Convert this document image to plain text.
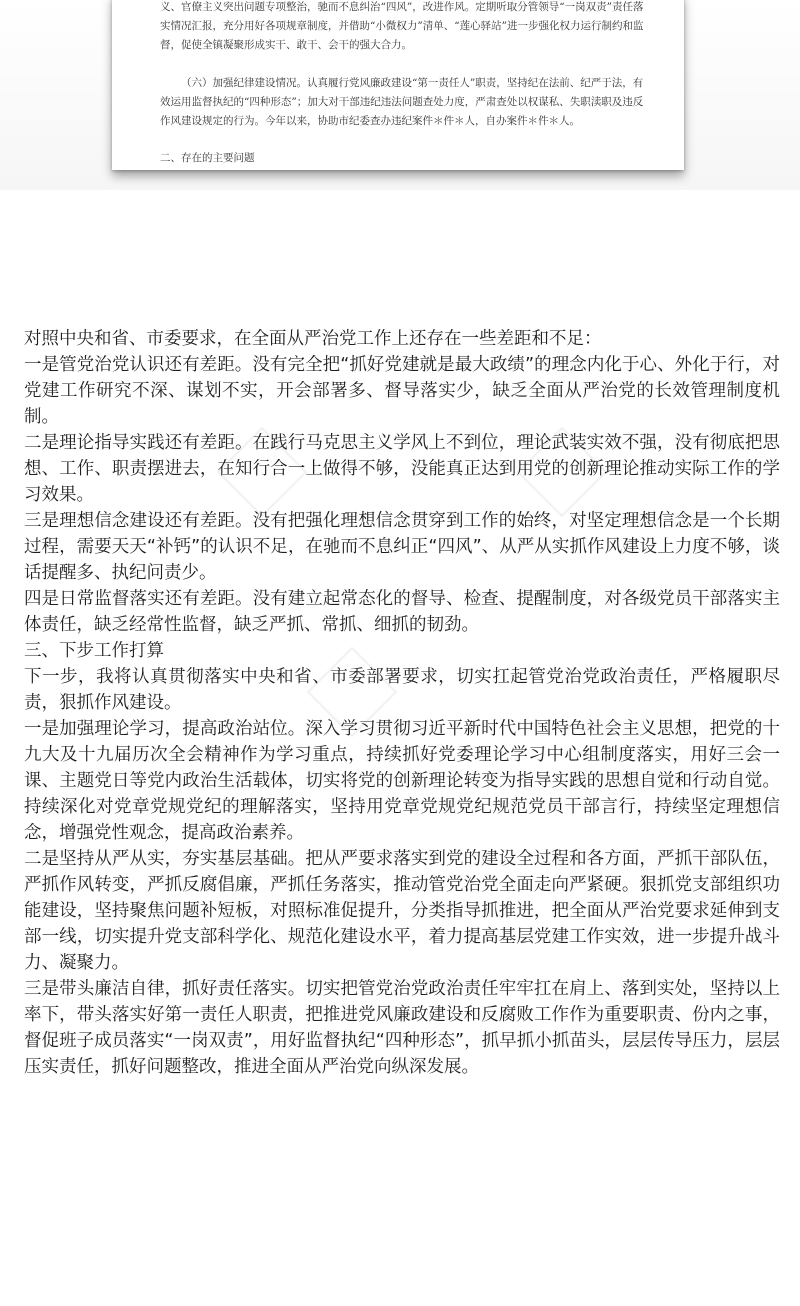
义、官僚主义突出问题专项整治，驰而不息纠治“四风”，改进作风。定期听取分管领导“一岗双责”责任落实情况汇报，充分用好各项规章制度，并借助“小微权力”清单、“莲心驿站”进一步强化权力运行制约和监督，促使全镇凝聚形成实干、敢干、会干的强大合力。
（六）加强纪律建设情况。认真履行党风廉政建设“第一责任人”职责，坚持纪在法前、纪严于法，有效运用监督执纪的“四种形态”；加大对干部违纪违法问题查处力度，严肃查处以权谋私、失职渎职及违反作风建设规定的行为。今年以来，协助市纪委查办违纪案件＊件＊人，自办案件＊件＊人。
二、存在的主要问题

对照中央和省、市委要求，在全面从严治党工作上还存在一些差距和不足：

一是管党治党认识还有差距。没有完全把“抓好党建就是最大政绩”的理念内化于心、外化于行，对党建工作研究不深、谋划不实，开会部署多、督导落实少，缺乏全面从严治党的长效管理制度机制。

二是理论指导实践还有差距。在践行马克思主义学风上不到位，理论武装实效不强，没有彻底把思想、工作、职责摆进去，在知行合一上做得不够，没能真正达到用党的创新理论推动实际工作的学习效果。

三是理想信念建设还有差距。没有把强化理想信念贯穿到工作的始终，对坚定理想信念是一个长期过程，需要天天“补钙”的认识不足，在驰而不息纠正“四风”、从严从实抓作风建设上力度不够，谈话提醒多、执纪问责少。

四是日常监督落实还有差距。没有建立起常态化的督导、检查、提醒制度，对各级党员干部落实主体责任，缺乏经常性监督，缺乏严抓、常抓、细抓的韧劲。

三、下步工作打算

下一步，我将认真贯彻落实中央和省、市委部署要求，切实扛起管党治党政治责任，严格履职尽责，狠抓作风建设。

一是加强理论学习，提高政治站位。深入学习贯彻习近平新时代中国特色社会主义思想，把党的十九大及十九届历次全会精神作为学习重点，持续抓好党委理论学习中心组制度落实，用好三会一课、主题党日等党内政治生活载体，切实将党的创新理论转变为指导实践的思想自觉和行动自觉。持续深化对党章党规党纪的理解落实，坚持用党章党规党纪规范党员干部言行，持续坚定理想信念，增强党性观念，提高政治素养。

二是坚持从严从实，夯实基层基础。把从严要求落实到党的建设全过程和各方面，严抓干部队伍，严抓作风转变，严抓反腐倡廉，严抓任务落实，推动管党治党全面走向严紧硬。狠抓党支部组织功能建设，坚持聚焦问题补短板，对照标准促提升，分类指导抓推进，把全面从严治党要求延伸到支部一线，切实提升党支部科学化、规范化建设水平，着力提高基层党建工作实效，进一步提升战斗力、凝聚力。

三是带头廉洁自律，抓好责任落实。切实把管党治党政治责任牢牢扛在肩上、落到实处，坚持以上率下，带头落实好第一责任人职责，把推进党风廉政建设和反腐败工作作为重要职责、份内之事，督促班子成员落实“一岗双责”，用好监督执纪“四种形态”，抓早抓小抓苗头，层层传导压力，层层压实责任，抓好问题整改，推进全面从严治党向纵深发展。
